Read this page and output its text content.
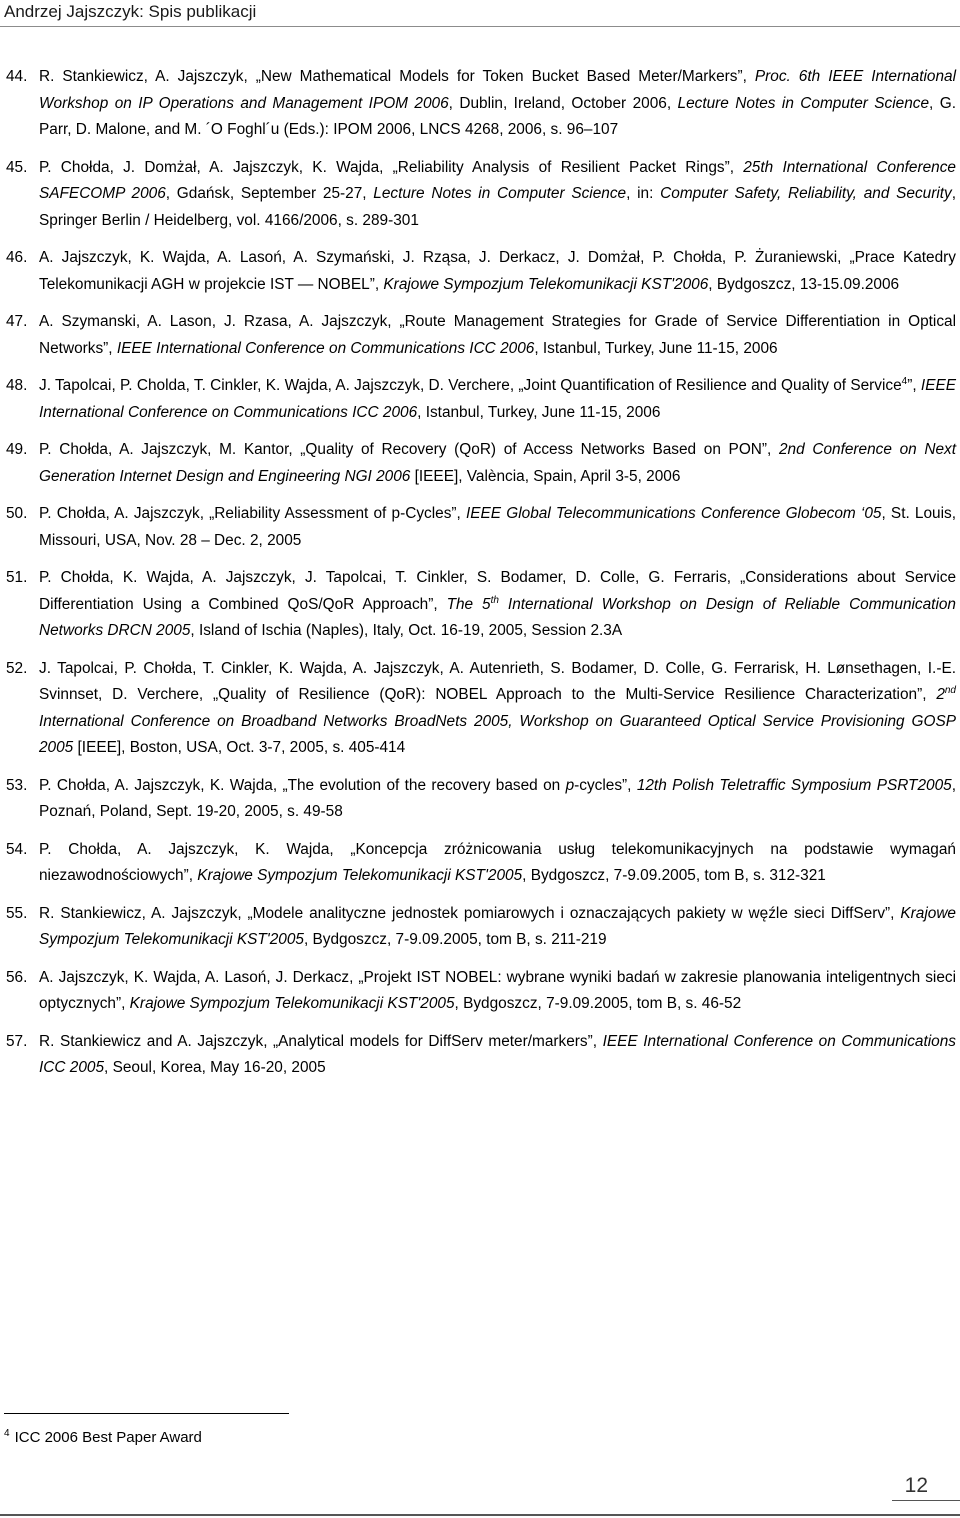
Andrzej Jajszczyk: Spis publikacji
44. R. Stankiewicz, A. Jajszczyk, „New Mathematical Models for Token Bucket Based Meter/Markers”, Proc. 6th IEEE International Workshop on IP Operations and Management IPOM 2006, Dublin, Ireland, October 2006, Lecture Notes in Computer Science, G. Parr, D. Malone, and M. ´O Foghl´u (Eds.): IPOM 2006, LNCS 4268, 2006, s. 96–107
45. P. Chołda, J. Domżał, A. Jajszczyk, K. Wajda, „Reliability Analysis of Resilient Packet Rings”, 25th International Conference SAFECOMP 2006, Gdańsk, September 25-27, Lecture Notes in Computer Science, in: Computer Safety, Reliability, and Security, Springer Berlin / Heidelberg, vol. 4166/2006, s. 289-301
46. A. Jajszczyk, K. Wajda, A. Lasoń, A. Szymański, J. Rząsa, J. Derkacz, J. Domżał, P. Chołda, P. Żuraniewski, „Prace Katedry Telekomunikacji AGH w projekcie IST — NOBEL”, Krajowe Sympozjum Telekomunikacji KST'2006, Bydgoszcz, 13-15.09.2006
47. A. Szymanski, A. Lason, J. Rzasa, A. Jajszczyk, „Route Management Strategies for Grade of Service Differentiation in Optical Networks”, IEEE International Conference on Communications ICC 2006, Istanbul, Turkey, June 11-15, 2006
48. J. Tapolcai, P. Cholda, T. Cinkler, K. Wajda, A. Jajszczyk, D. Verchere, „Joint Quantification of Resilience and Quality of Service$^4$”, IEEE International Conference on Communications ICC 2006, Istanbul, Turkey, June 11-15, 2006
49. P. Chołda, A. Jajszczyk, M. Kantor, „Quality of Recovery (QoR) of Access Networks Based on PON”, 2nd Conference on Next Generation Internet Design and Engineering NGI 2006 [IEEE], València, Spain, April 3-5, 2006
50. P. Chołda, A. Jajszczyk, „Reliability Assessment of p-Cycles”, IEEE Global Telecommunications Conference Globecom ‘05, St. Louis, Missouri, USA, Nov. 28 – Dec. 2, 2005
51. P. Chołda, K. Wajda, A. Jajszczyk, J. Tapolcai, T. Cinkler, S. Bodamer, D. Colle, G. Ferraris, „Considerations about Service Differentiation Using a Combined QoS/QoR Approach”, The 5th International Workshop on Design of Reliable Communication Networks DRCN 2005, Island of Ischia (Naples), Italy, Oct. 16-19, 2005, Session 2.3A
52. J. Tapolcai, P. Chołda, T. Cinkler, K. Wajda, A. Jajszczyk, A. Autenrieth, S. Bodamer, D. Colle, G. Ferrarisk, H. Lønsethagen, I.-E. Svinnset, D. Verchere, „Quality of Resilience (QoR): NOBEL Approach to the Multi-Service Resilience Characterization”, 2nd International Conference on Broadband Networks BroadNets 2005, Workshop on Guaranteed Optical Service Provisioning GOSP 2005 [IEEE], Boston, USA, Oct. 3-7, 2005, s. 405-414
53. P. Chołda, A. Jajszczyk, K. Wajda, „The evolution of the recovery based on p-cycles”, 12th Polish Teletraffic Symposium PSRT2005, Poznań, Poland, Sept. 19-20, 2005, s. 49-58
54. P. Chołda, A. Jajszczyk, K. Wajda, „Koncepcja zróżnicowania usług telekomunikacyjnych na podstawie wymagań niezawodnościowych”, Krajowe Sympozjum Telekomunikacji KST'2005, Bydgoszcz, 7-9.09.2005, tom B, s. 312-321
55. R. Stankiewicz, A. Jajszczyk, „Modele analityczne jednostek pomiarowych i oznaczających pakiety w węźle sieci DiffServ”, Krajowe Sympozjum Telekomunikacji KST'2005, Bydgoszcz, 7-9.09.2005, tom B, s. 211-219
56. A. Jajszczyk, K. Wajda, A. Lasoń, J. Derkacz, „Projekt IST NOBEL: wybrane wyniki badań w zakresie planowania inteligentnych sieci optycznych”, Krajowe Sympozjum Telekomunikacji KST'2005, Bydgoszcz, 7-9.09.2005, tom B, s. 46-52
57. R. Stankiewicz and A. Jajszczyk, „Analytical models for DiffServ meter/markers”, IEEE International Conference on Communications ICC 2005, Seoul, Korea, May 16-20, 2005
$^4$ ICC 2006 Best Paper Award
12
